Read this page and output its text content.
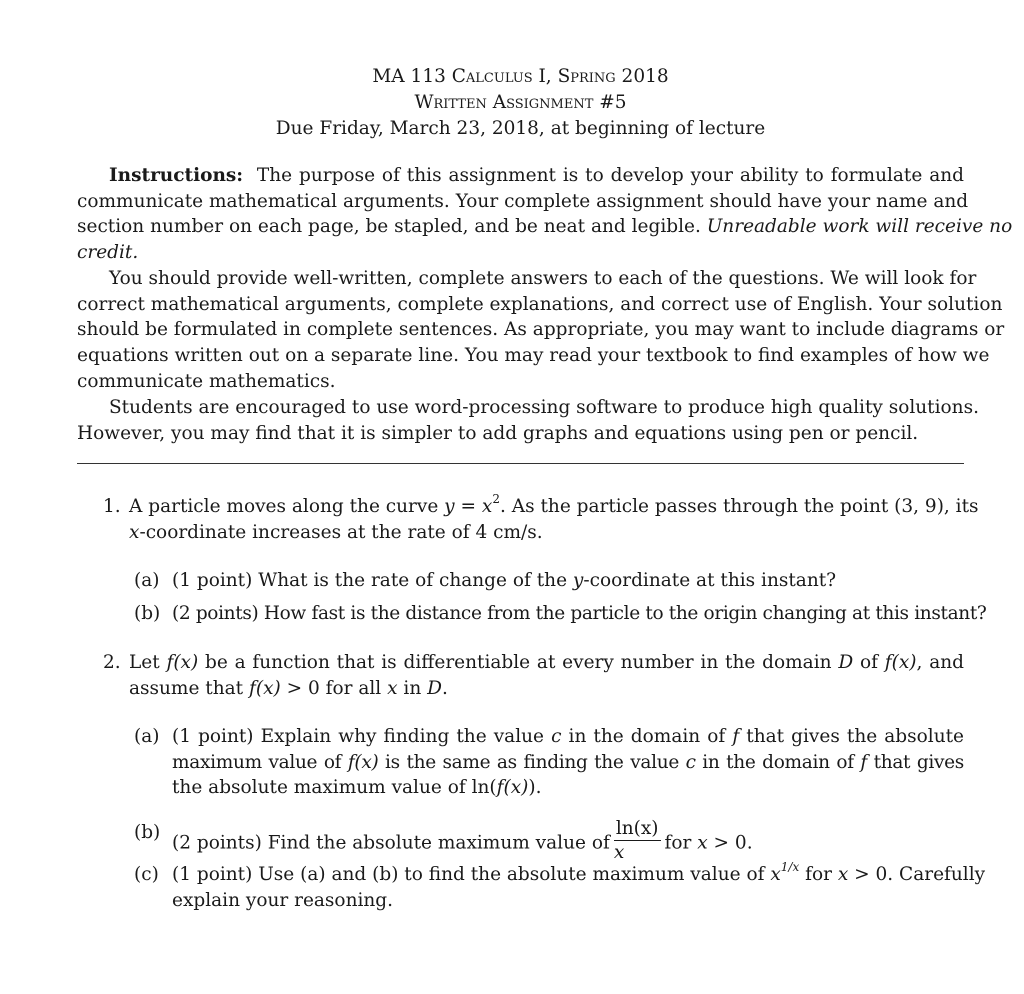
MA 113 Calculus I, Spring 2018
Written Assignment #5
Due Friday, March 23, 2018, at beginning of lecture
Instructions: The purpose of this assignment is to develop your ability to formulate and
communicate mathematical arguments. Your complete assignment should have your name and
section number on each page, be stapled, and be neat and legible. Unreadable work will receive no
credit.
You should provide well-written, complete answers to each of the questions. We will look for
correct mathematical arguments, complete explanations, and correct use of English. Your solution
should be formulated in complete sentences. As appropriate, you may want to include diagrams or
equations written out on a separate line. You may read your textbook to find examples of how we
communicate mathematics.
Students are encouraged to use word-processing software to produce high quality solutions.
However, you may find that it is simpler to add graphs and equations using pen or pencil.
1. A particle moves along the curve $y = x^2$. As the particle passes through the point (3, 9), its
x-coordinate increases at the rate of 4 cm/s.
(a) (1 point) What is the rate of change of the y-coordinate at this instant?
(b) (2 points) How fast is the distance from the particle to the origin changing at this instant?
2. Let f(x) be a function that is differentiable at every number in the domain D of f(x), and
assume that f(x) > 0 for all x in D.
(a) (1 point) Explain why finding the value c in the domain of f that gives the absolute
maximum value of f(x) is the same as finding the value c in the domain of f that gives
the absolute maximum value of ln(f(x)).
(b) (2 points) Find the absolute maximum value of $\frac{\ln(x)}{x}$ for x > 0.
(c) (1 point) Use (a) and (b) to find the absolute maximum value of $x^{1/x}$ for x > 0. Carefully
explain your reasoning.
